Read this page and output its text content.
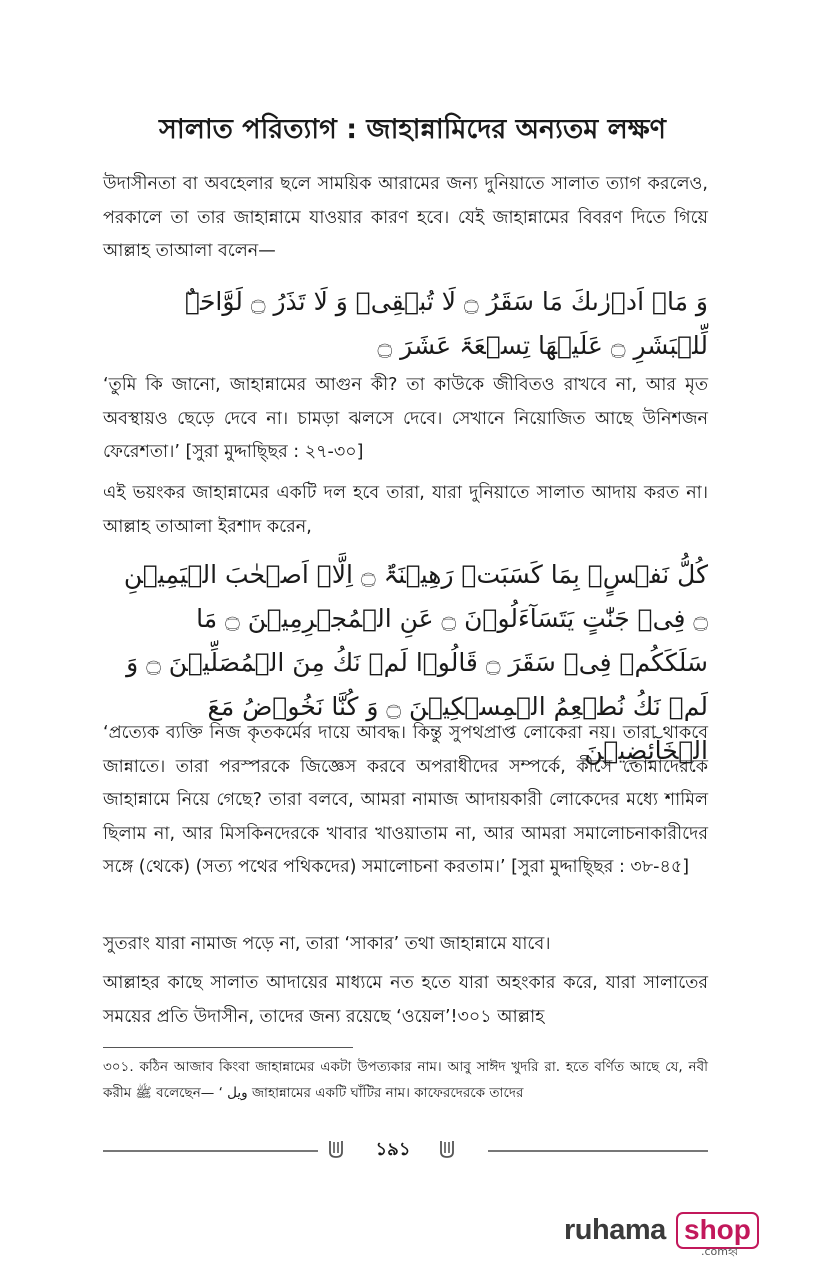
সালাত পরিত্যাগ : জাহান্নামিদের অন্যতম লক্ষণ

উদাসীনতা বা অবহেলার ছলে সাময়িক আরামের জন্য দুনিয়াতে সালাত ত্যাগ করলেও, পরকালে তা তার জাহান্নামে যাওয়ার কারণ হবে। যেই জাহান্নামের বিবরণ দিতে গিয়ে আল্লাহ তাআলা বলেন—

وَ مَاۤ اَدۡرٰىكَ مَا سَقَرُ ۝ لَا تُبۡقِیۡ وَ لَا تَذَرُ ۝ لَوَّاحَۃٌ لِّلۡبَشَرِ ۝ عَلَیۡهَا تِسۡعَۃَ عَشَرَ ۝

‘তুমি কি জানো, জাহান্নামের আগুন কী? তা কাউকে জীবিতও রাখবে না, আর মৃত অবস্থায়ও ছেড়ে দেবে না। চামড়া ঝলসে দেবে। সেখানে নিয়োজিত আছে উনিশজন ফেরেশতা।’ [সুরা মুদ্দাছ্ছির : ২৭-৩০]

এই ভয়ংকর জাহান্নামের একটি দল হবে তারা, যারা দুনিয়াতে সালাত আদায় করত না। আল্লাহ তাআলা ইরশাদ করেন,

كُلُّ نَفۡسٍۭ بِمَا كَسَبَتۡ رَهِیۡنَۃٌ ۝ اِلَّاۤ اَصۡحٰبَ الۡیَمِیۡنِ ۝ فِیۡ جَنّٰتٍ یَتَسَآءَلُوۡنَ ۝ عَنِ الۡمُجۡرِمِیۡنَ ۝ مَا سَلَكَكُمۡ فِیۡ سَقَرَ ۝ قَالُوۡا لَمۡ نَكُ مِنَ الۡمُصَلِّیۡنَ ۝ وَ لَمۡ نَكُ نُطۡعِمُ الۡمِسۡكِیۡنَ ۝ وَ كُنَّا نَخُوۡضُ مَعَ الۡخَآئِضِیۡنَ

‘প্রত্যেক ব্যক্তি নিজ কৃতকর্মের দায়ে আবদ্ধ। কিন্তু সুপথপ্রাপ্ত লোকেরা নয়। তারা থাকবে জান্নাতে। তারা পরস্পরকে জিজ্ঞেস করবে অপরাধীদের সম্পর্কে, কীসে তোমাদেরকে জাহান্নামে নিয়ে গেছে? তারা বলবে, আমরা নামাজ আদায়কারী লোকেদের মধ্যে শামিল ছিলাম না, আর মিসকিনদেরকে খাবার খাওয়াতাম না, আর আমরা সমালোচনাকারীদের সঙ্গে (থেকে) (সত্য পথের পথিকদের) সমালোচনা করতাম।’ [সুরা মুদ্দাছ্ছির : ৩৮-৪৫]

সুতরাং যারা নামাজ পড়ে না, তারা ‘সাকার’ তথা জাহান্নামে যাবে।

আল্লাহর কাছে সালাত আদায়ের মাধ্যমে নত হতে যারা অহংকার করে, যারা সালাতের সময়ের প্রতি উদাসীন, তাদের জন্য রয়েছে ‘ওয়েল’!৩০১ আল্লাহ

৩০১. কঠিন আজাব কিংবা জাহান্নামের একটা উপত্যকার নাম। আবু সাঈদ খুদরি রা. হতে বর্ণিত আছে যে, নবী করীম ﷺ বলেছেন— ‘ ويل জাহান্নামের একটি ঘাঁটির নাম। কাফেরদেরকে তাদের

১৯১
ruhama shop
.comহ্ব
